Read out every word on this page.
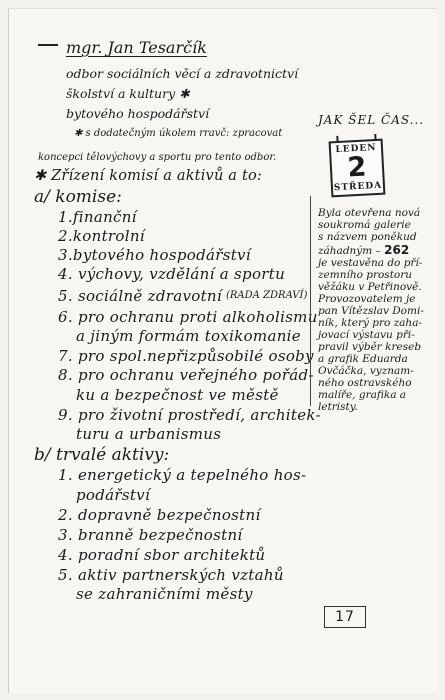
mgr. Jan Tesarčík
odbor sociálních věcí a zdravotnictví
školství a kultury ✱
bytového hospodářství
✱ s dodatečným úkolem rravč: zpracovat
koncepci tělovýchovy a sportu pro tento odbor.
✱ Zřízení komisí a aktivů a to:
a/ komise:
1.finanční
2.kontrolní
3.bytového hospodářství
4. výchovy, vzdělání a sportu
5. sociálně zdravotní (RADA ZDRAVÍ)
6. pro ochranu proti alkoholismu
a jiným formám toxikomanie
7. pro spol.nepřizpůsobilé osoby
8. pro ochranu veřejného pořád-
ku a bezpečnost ve městě
9. pro životní prostředí, architek-
turu a urbanismus
b/ trvalé aktivy:
1. energetický a tepelného hos-
podářství
2. dopravně bezpečnostní
3. branně bezpečnostní
4. poradní sbor architektů
5. aktiv partnerských vztahů
se zahraničními městy
JAK ŠEL ČAS...
LEDEN
2
STŘEDA
Byla otevřena nová
soukromá galerie
s názvem poněkud
záhadným – 262
je vestavěna do pří-
zemního prostoru
věžáku v Petřinově.
Provozovatelem je
pan Vítězslav Domi-
ník, který pro zaha-
jovací výstavu při-
pravil výběr kreseb
a grafik Eduarda
Ovčáčka, vyznam-
ného ostravského
malíře, grafika a
letristy.
17
